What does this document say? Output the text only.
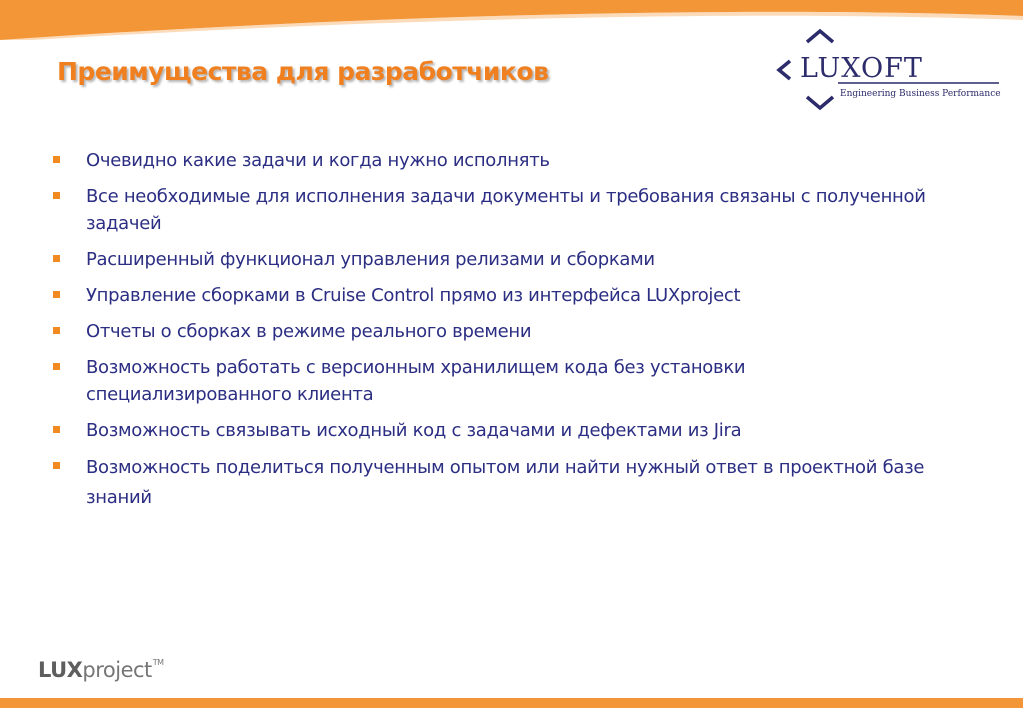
Преимущества для разработчиков	LUXOFT
Engineering Business Performance
Очевидно какие задачи и когда нужно исполнять
Все необходимые для исполнения задачи документы и требования связаны с полученной задачей
Расширенный функционал управления релизами и сборками
Управление сборками в Cruise Control прямо из интерфейса LUXproject
Отчеты о сборках в режиме реального времени
Возможность работать с версионным хранилищем кода без установки специализированного клиента
Возможность связывать исходный код с задачами и дефектами из Jira
Возможность поделиться полученным опытом или найти нужный ответ в проектной базе знаний
LUXproject™
